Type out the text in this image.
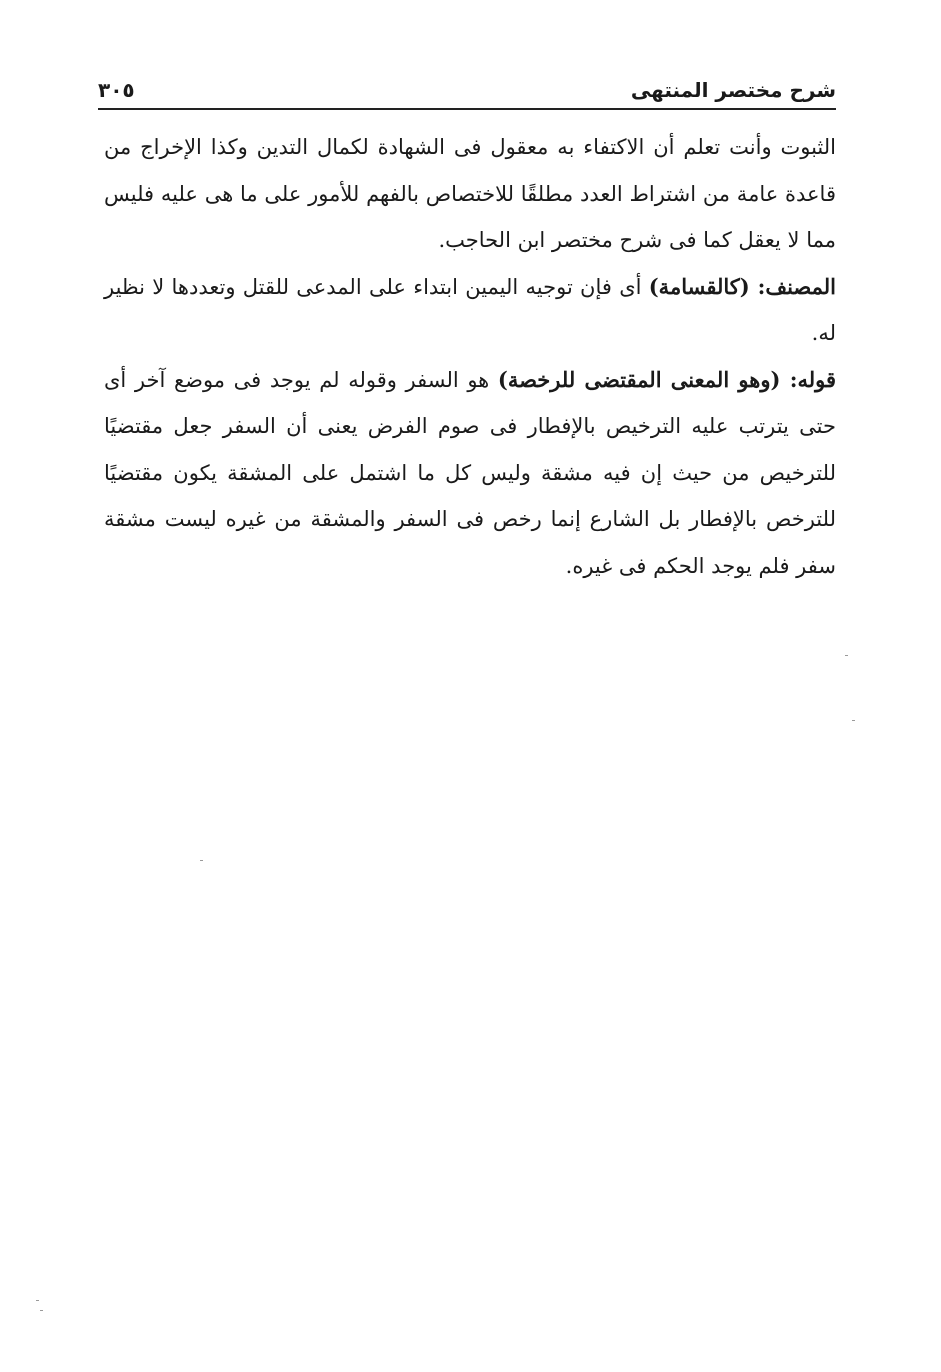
شرح مختصر المنتهى
٣٠٥

الثبوت وأنت تعلم أن الاكتفاء به معقول فى الشهادة لكمال التدين وكذا الإخراج من قاعدة عامة من اشتراط العدد مطلقًا للاختصاص بالفهم للأمور على ما هى عليه فليس مما لا يعقل كما فى شرح مختصر ابن الحاجب.

المصنف: (كالقسامة) أى فإن توجيه اليمين ابتداء على المدعى للقتل وتعددها لا نظير له.

قوله: (وهو المعنى المقتضى للرخصة) هو السفر وقوله لم يوجد فى موضع آخر أى حتى يترتب عليه الترخيص بالإفطار فى صوم الفرض يعنى أن السفر جعل مقتضيًا للترخيص من حيث إن فيه مشقة وليس كل ما اشتمل على المشقة يكون مقتضيًا للترخص بالإفطار بل الشارع إنما رخص فى السفر والمشقة من غيره ليست مشقة سفر فلم يوجد الحكم فى غيره.
